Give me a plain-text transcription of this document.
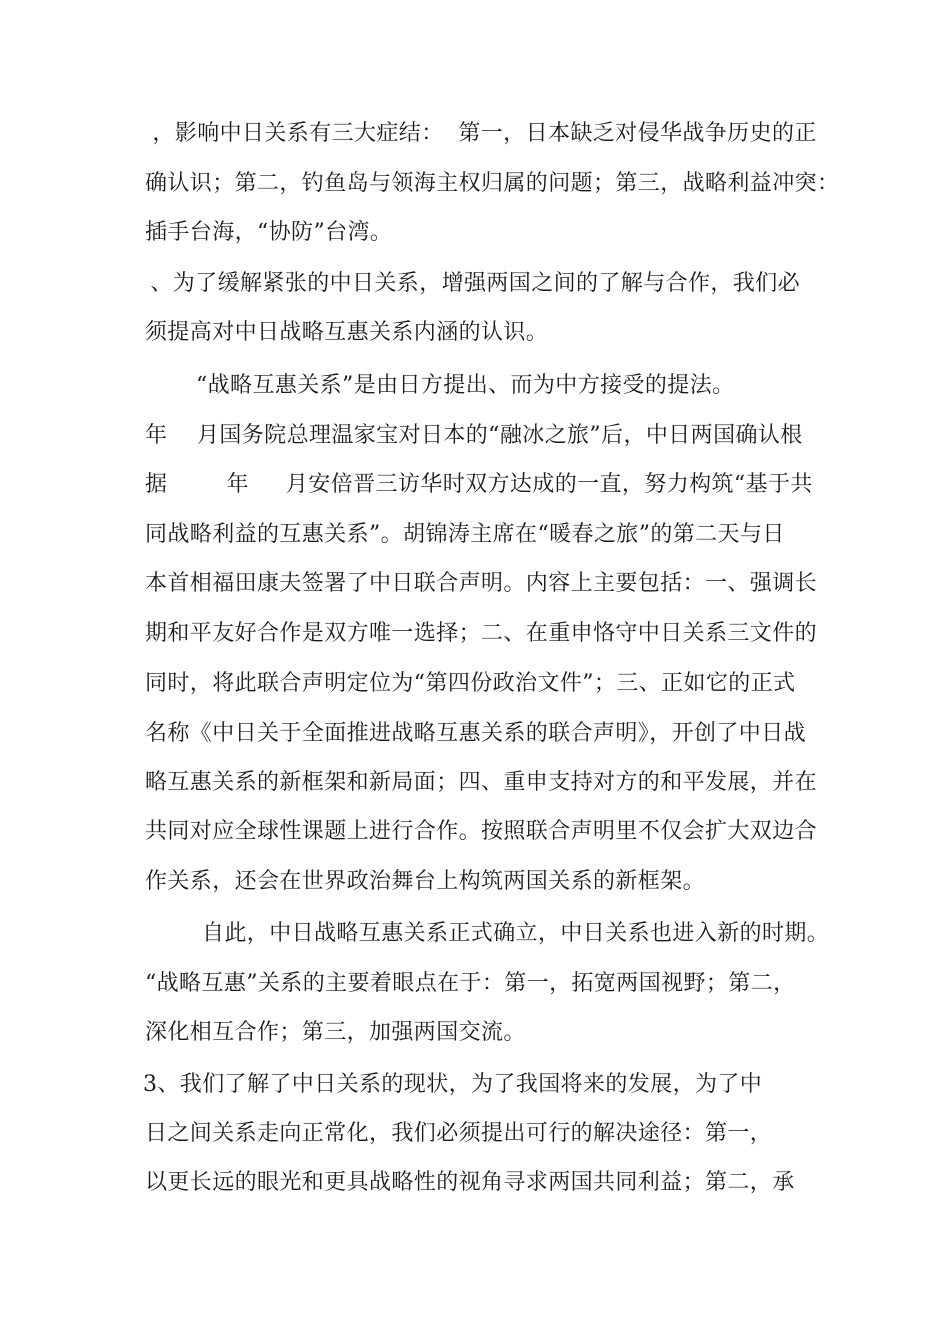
，影响中日关系有三大症结：  第一，日本缺乏对侵华战争历史的正
确认识；第二，钓鱼岛与领海主权归属的问题；第三，战略利益冲突：
插手台海，“协防”台湾。
、为了缓解紧张的中日关系，增强两国之间的了解与合作，我们必
须提高对中日战略互惠关系内涵的认识。
“战略互惠关系”是由日方提出、而为中方接受的提法。
年    月国务院总理温家宝对日本的“融冰之旅”后，中日两国确认根
据        年     月安倍晋三访华时双方达成的一直，努力构筑“基于共
同战略利益的互惠关系”。胡锦涛主席在“暖春之旅”的第二天与日
本首相福田康夫签署了中日联合声明。内容上主要包括：一、强调长
期和平友好合作是双方唯一选择；二、在重申恪守中日关系三文件的
同时，将此联合声明定位为“第四份政治文件”；三、正如它的正式
名称《中日关于全面推进战略互惠关系的联合声明》，开创了中日战
略互惠关系的新框架和新局面；四、重申支持对方的和平发展，并在
共同对应全球性课题上进行合作。按照联合声明里不仅会扩大双边合
作关系，还会在世界政治舞台上构筑两国关系的新框架。
自此，中日战略互惠关系正式确立，中日关系也进入新的时期。
“战略互惠”关系的主要着眼点在于：第一，拓宽两国视野；第二，
深化相互合作；第三，加强两国交流。
3、我们了解了中日关系的现状，为了我国将来的发展，为了中
日之间关系走向正常化，我们必须提出可行的解决途径：第一，
以更长远的眼光和更具战略性的视角寻求两国共同利益；第二，承
